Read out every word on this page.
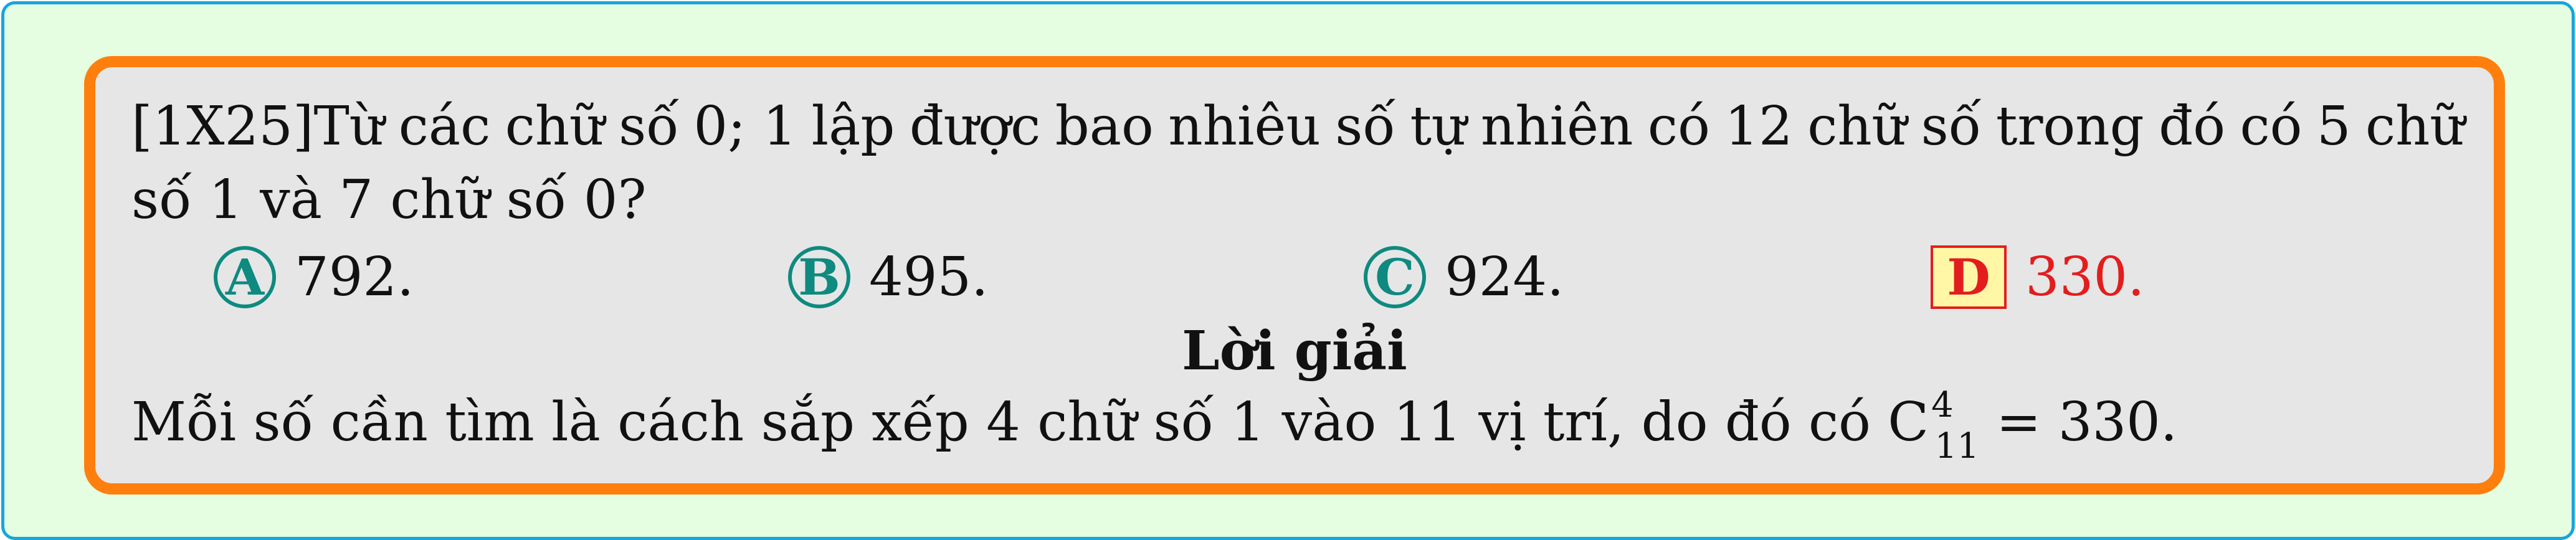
[1X25]Từ các chữ số 0; 1 lập được bao nhiêu số tự nhiên có 12 chữ số trong đó có 5 chữ
số 1 và 7 chữ số 0?
A 792.	B 495.	C 924.	D 330.
Lời giải
Mỗi số cần tìm là cách sắp xếp 4 chữ số 1 vào 11 vị trí, do đó có $C^4_{11} = 330$.
